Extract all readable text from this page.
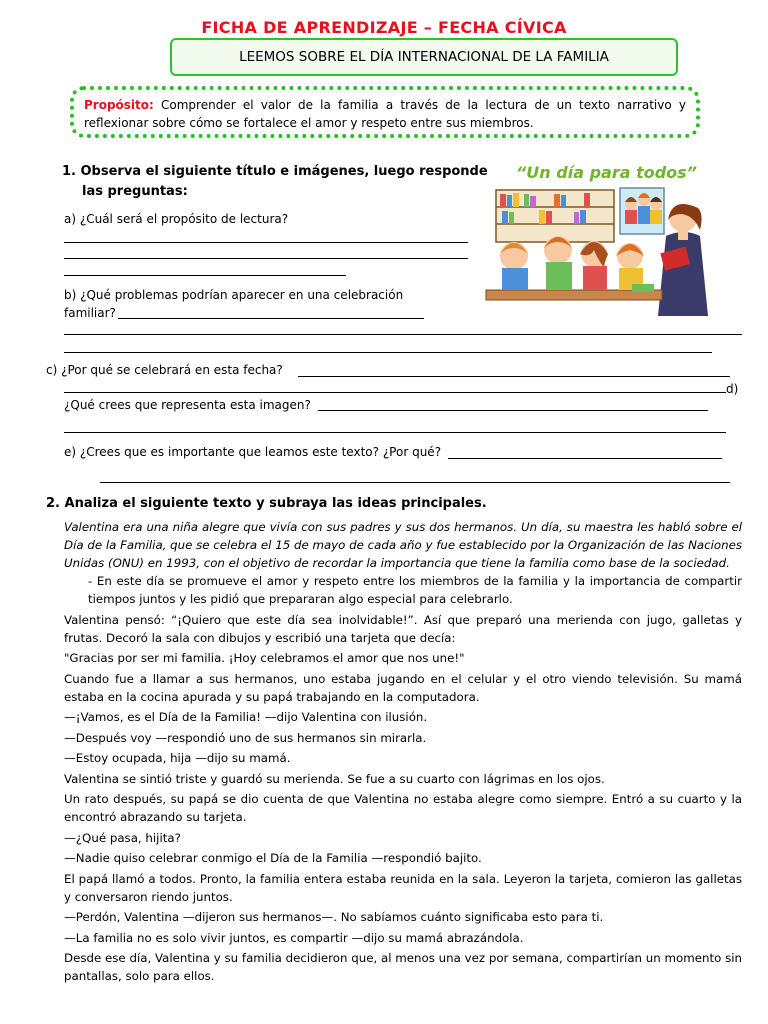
FICHA DE APRENDIZAJE – FECHA CÍVICA
LEEMOS SOBRE EL DÍA INTERNACIONAL DE LA FAMILIA
Propósito: Comprender el valor de la familia a través de la lectura de un texto narrativo y reflexionar sobre cómo se fortalece el amor y respeto entre sus miembros.
1. Observa el siguiente título e imágenes, luego responde
las preguntas:
“Un día para todos”
a) ¿Cuál será el propósito de lectura?
b) ¿Qué problemas podrían aparecer en una celebración
familiar?
c) ¿Por qué se celebrará en esta fecha?
d)
¿Qué crees que representa esta imagen?
e) ¿Crees que es importante que leamos este texto? ¿Por qué?
2. Analiza el siguiente texto y subraya las ideas principales.

Valentina era una niña alegre que vivía con sus padres y sus dos hermanos. Un día, su maestra les habló sobre el Día de la Familia, que se celebra el 15 de mayo de cada año y fue establecido por la Organización de las Naciones Unidas (ONU) en 1993, con el objetivo de recordar la importancia que tiene la familia como base de la sociedad.

- En este día se promueve el amor y respeto entre los miembros de la familia y la importancia de compartir tiempos juntos y les pidió que prepararan algo especial para celebrarlo.

Valentina pensó: “¡Quiero que este día sea inolvidable!”. Así que preparó una merienda con jugo, galletas y frutas. Decoró la sala con dibujos y escribió una tarjeta que decía:

"Gracias por ser mi familia. ¡Hoy celebramos el amor que nos une!"

Cuando fue a llamar a sus hermanos, uno estaba jugando en el celular y el otro viendo televisión. Su mamá estaba en la cocina apurada y su papá trabajando en la computadora.

—¡Vamos, es el Día de la Familia! —dijo Valentina con ilusión.

—Después voy —respondió uno de sus hermanos sin mirarla.

—Estoy ocupada, hija —dijo su mamá.

Valentina se sintió triste y guardó su merienda. Se fue a su cuarto con lágrimas en los ojos.

Un rato después, su papá se dio cuenta de que Valentina no estaba alegre como siempre. Entró a su cuarto y la encontró abrazando su tarjeta.

—¿Qué pasa, hijita?

—Nadie quiso celebrar conmigo el Día de la Familia —respondió bajito.

El papá llamó a todos. Pronto, la familia entera estaba reunida en la sala. Leyeron la tarjeta, comieron las galletas y conversaron riendo juntos.

—Perdón, Valentina —dijeron sus hermanos—. No sabíamos cuánto significaba esto para ti.

—La familia no es solo vivir juntos, es compartir —dijo su mamá abrazándola.

Desde ese día, Valentina y su familia decidieron que, al menos una vez por semana, compartirían un momento sin pantallas, solo para ellos.
